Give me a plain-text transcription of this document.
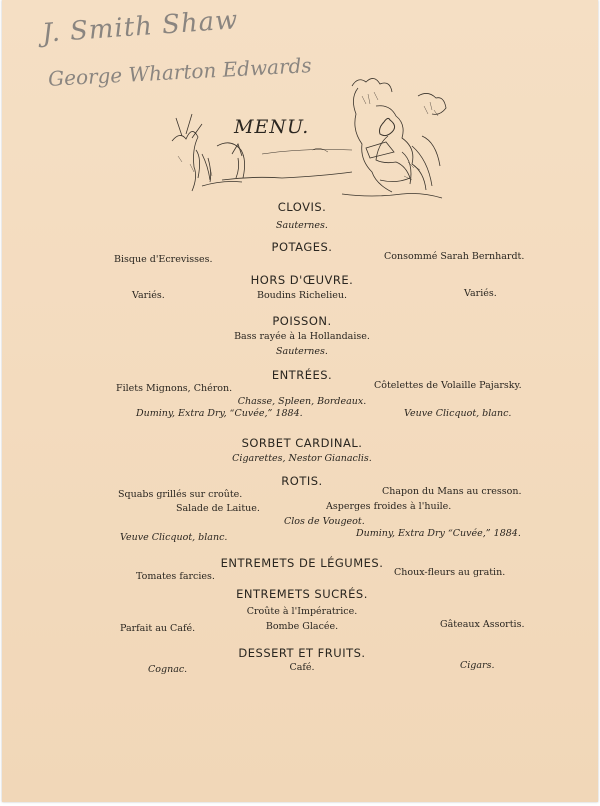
J. Smith Shaw
George Wharton Edwards
MENU.
CLOVIS.
Sauternes.
POTAGES.
Bisque d'Ecrevisses.	Consommé Sarah Bernhardt.
HORS D'ŒUVRE.
Variés.	Boudins Richelieu.	Variés.
POISSON.
Bass rayée à la Hollandaise.
Sauternes.
ENTRÉES.
Filets Mignons, Chéron.	Côtelettes de Volaille Pajarsky.
Chasse, Spleen, Bordeaux.
Duminy, Extra Dry, “Cuvée,” 1884.	Veuve Clicquot, blanc.
SORBET CARDINAL.
Cigarettes, Nestor Gianaclis.
ROTIS.
Squabs grillés sur croûte.	Chapon du Mans au cresson.
Salade de Laitue.	Asperges froides à l'huile.
Clos de Vougeot.
Veuve Clicquot, blanc.	Duminy, Extra Dry “Cuvée,” 1884.
ENTREMETS DE LÉGUMES.
Tomates farcies.	Choux-fleurs au gratin.
ENTREMETS SUCRÉS.
Croûte à l'Impératrice.
Parfait au Café.	Bombe Glacée.	Gâteaux Assortis.
DESSERT ET FRUITS.
Cognac.	Café.	Cigars.
